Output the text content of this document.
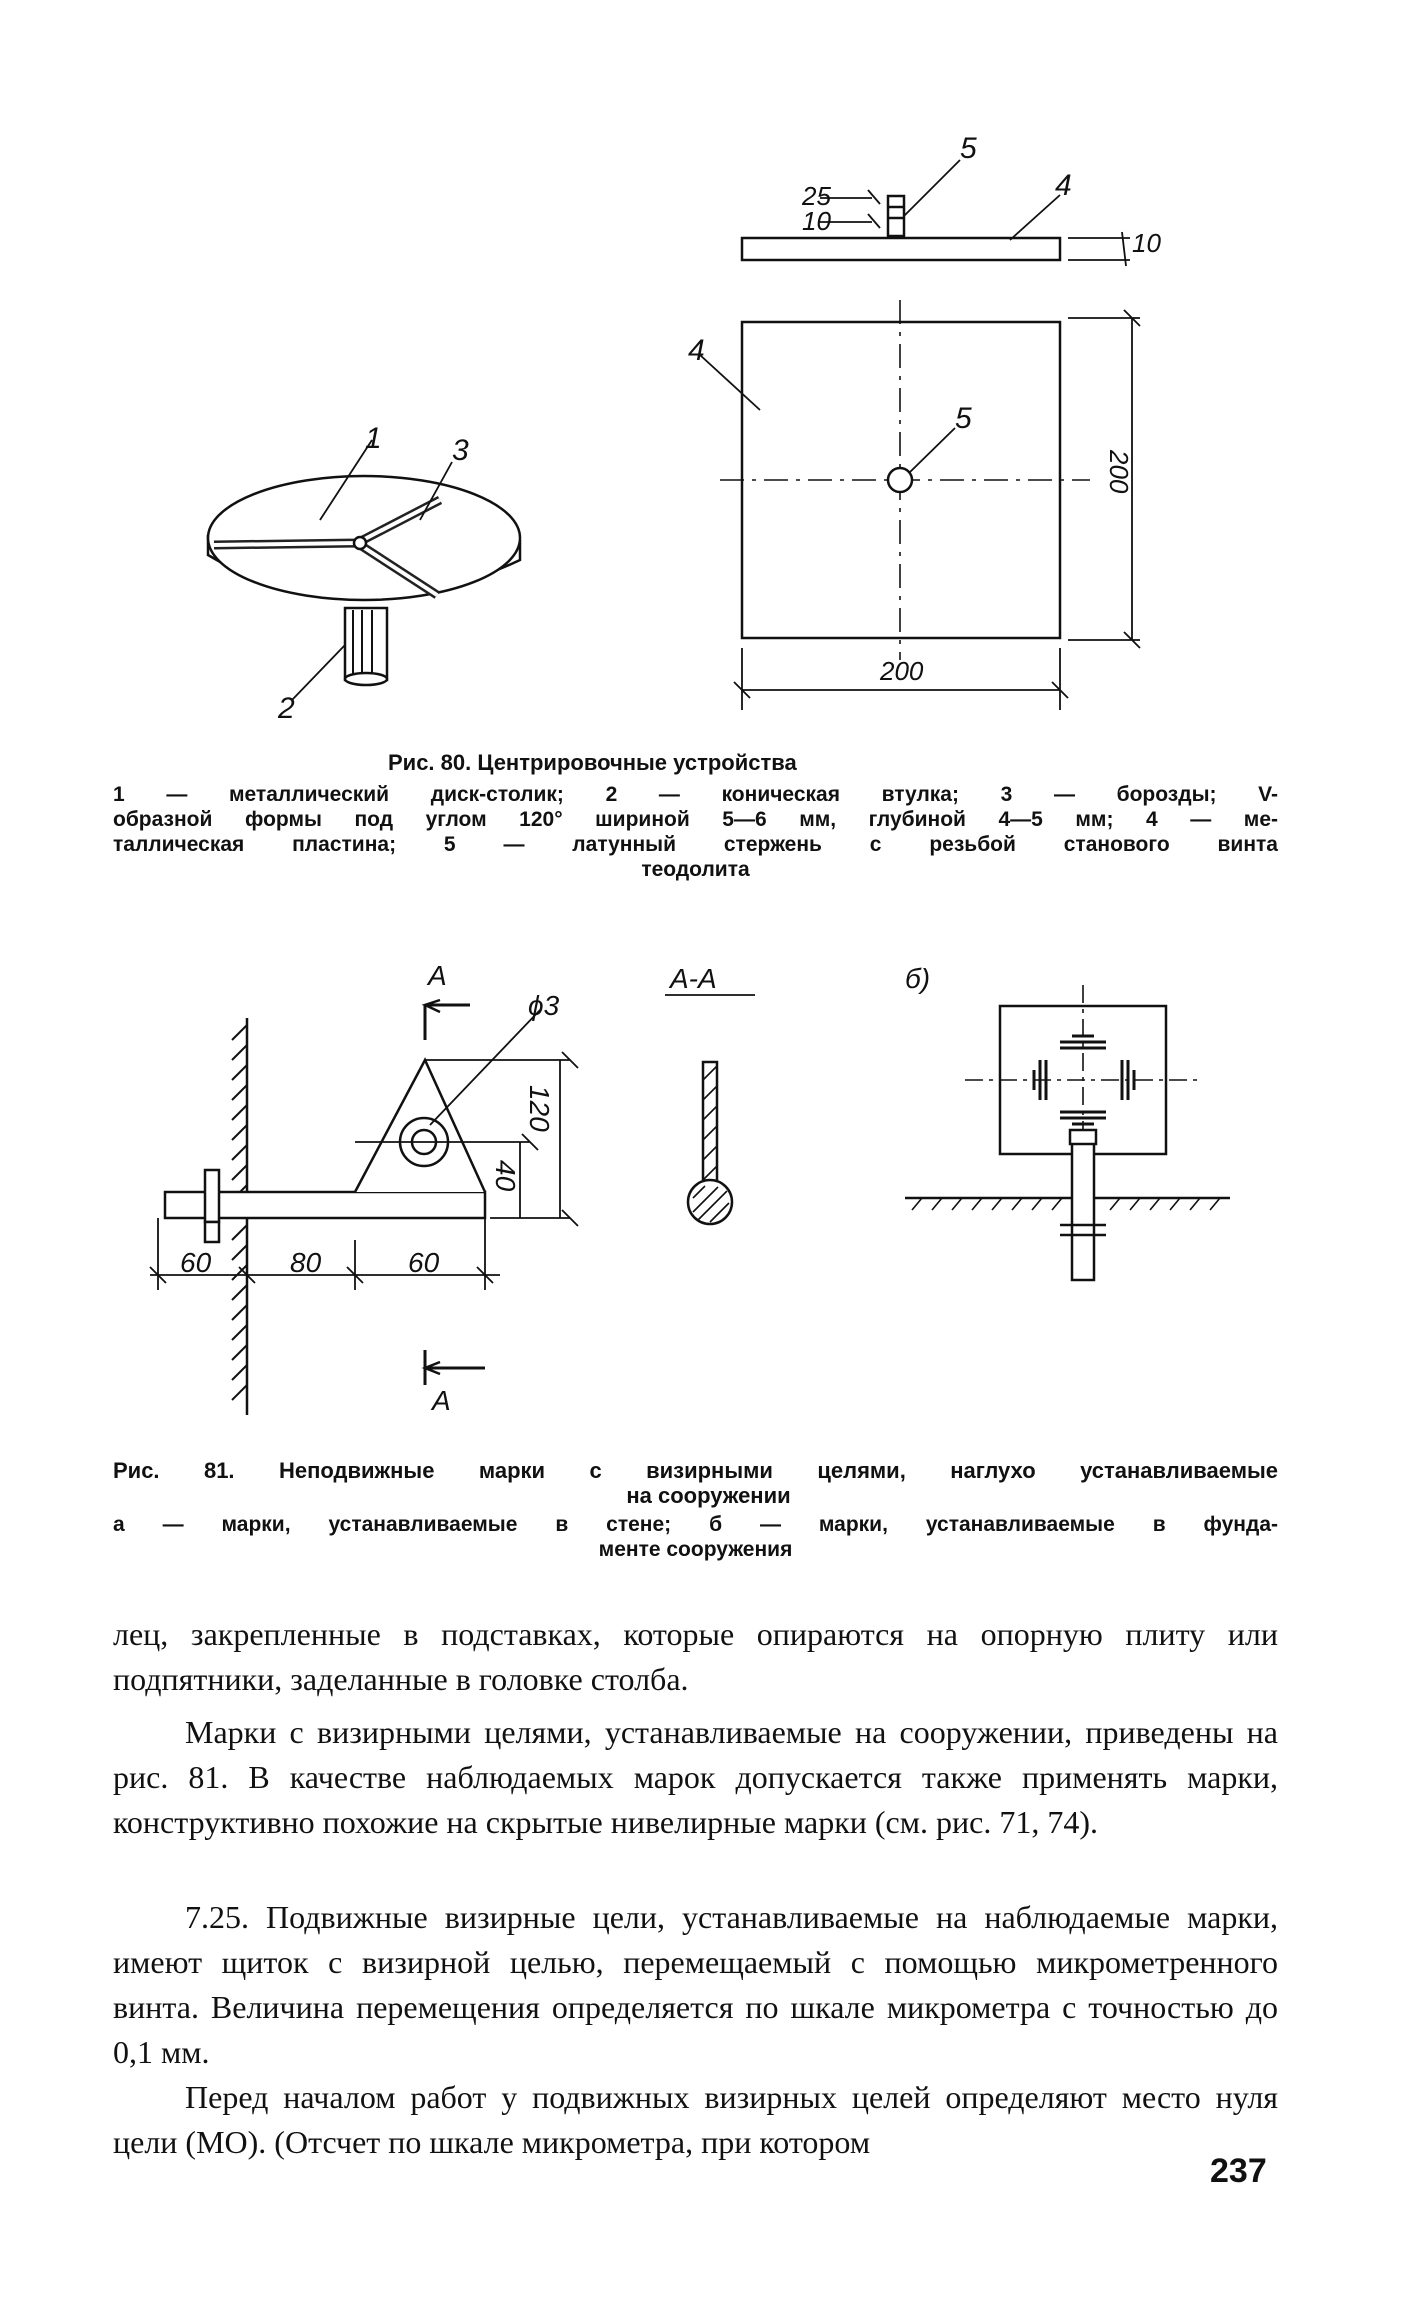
1 3
2
5
4
4
5
25
10
10
200
200
Рис. 80. Центрировочные устройства
1 — металлический диск-столик; 2 — коническая втулка; 3 — борозды; V-
образной формы под углом 120° шириной 5—6 мм, глубиной 4—5 мм; 4 — ме-
таллическая пластина; 5 — латунный стержень с резьбой станового винта
теодолита
А
ϕ3
А-А	б)
А
60	80	60
120
40
Рис. 81. Неподвижные марки с визирными целями, наглухо устанавливаемые
на сооружении
а — марки, устанавливаемые в стене; б — марки, устанавливаемые в фунда-
менте сооружения

лец, закрепленные в подставках, которые опираются на опорную плиту или подпятники, заделанные в головке столба.

Марки с визирными целями, устанавливаемые на сооружении, приведены на рис. 81. В качестве наблюдаемых марок допускается также применять марки, конструктивно похожие на скрытые нивелирные марки (см. рис. 71, 74).

7.25. Подвижные визирные цели, устанавливаемые на наблюдаемые марки, имеют щиток с визирной целью, перемещаемый с помощью микрометренного винта. Величина перемещения определяется по шкале микрометра с точностью до 0,1 мм.

Перед началом работ у подвижных визирных целей определяют место нуля цели (МО). (Отсчет по шкале микрометра, при котором

237
